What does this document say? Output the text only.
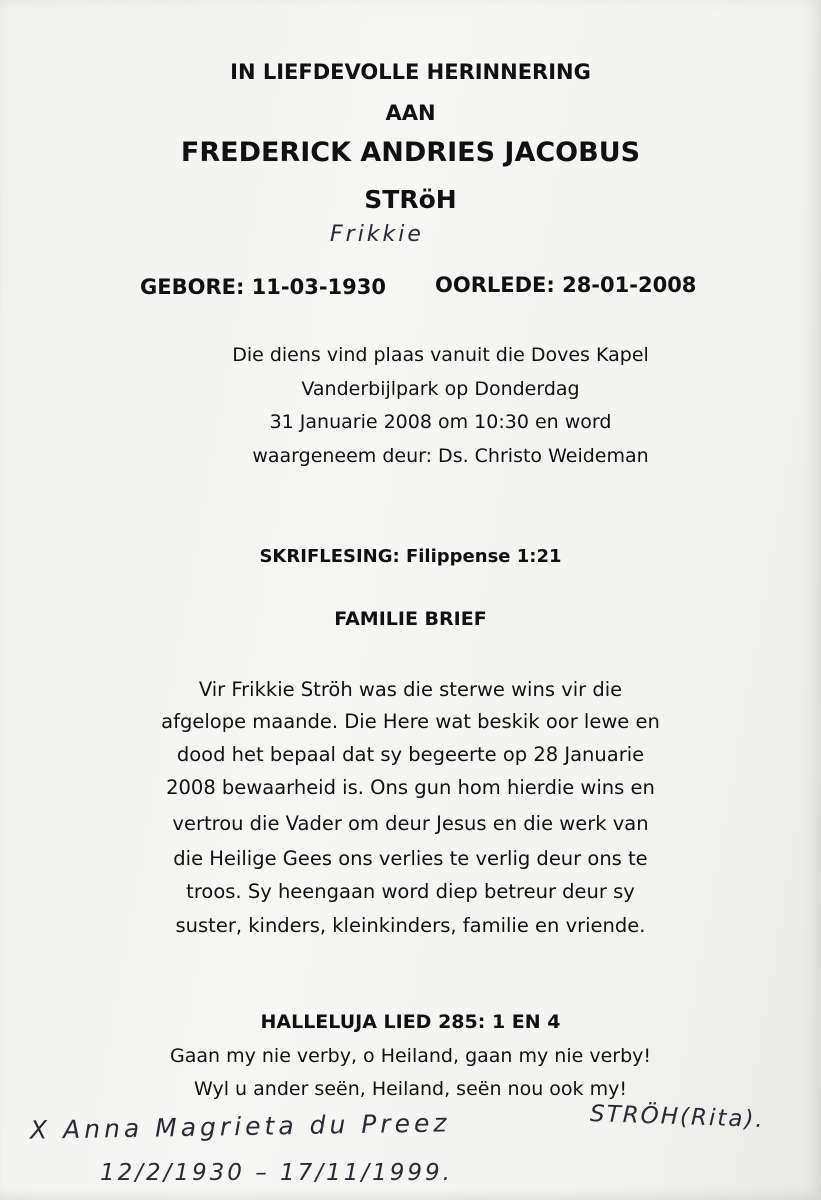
IN LIEFDEVOLLE HERINNERING
AAN
FREDERICK ANDRIES JACOBUS
STRöH
Frikkie
GEBORE: 11-03-1930 OORLEDE: 28-01-2008
Die diens vind plaas vanuit die Doves Kapel
Vanderbijlpark op Donderdag
31 Januarie 2008 om 10:30 en word
waargeneem deur: Ds. Christo Weideman
SKRIFLESING: Filippense 1:21
FAMILIE BRIEF
Vir Frikkie Ströh was die sterwe wins vir die
afgelope maande. Die Here wat beskik oor lewe en
dood het bepaal dat sy begeerte op 28 Januarie
2008 bewaarheid is. Ons gun hom hierdie wins en
vertrou die Vader om deur Jesus en die werk van
die Heilige Gees ons verlies te verlig deur ons te
troos. Sy heengaan word diep betreur deur sy
suster, kinders, kleinkinders, familie en vriende.
HALLELUJA LIED 285: 1 EN 4
Gaan my nie verby, o Heiland, gaan my nie verby!
Wyl u ander seën, Heiland, seën nou ook my!
X Anna Magrieta du Preez	STRÖH(Rita).
12/2/1930 – 17/11/1999.
